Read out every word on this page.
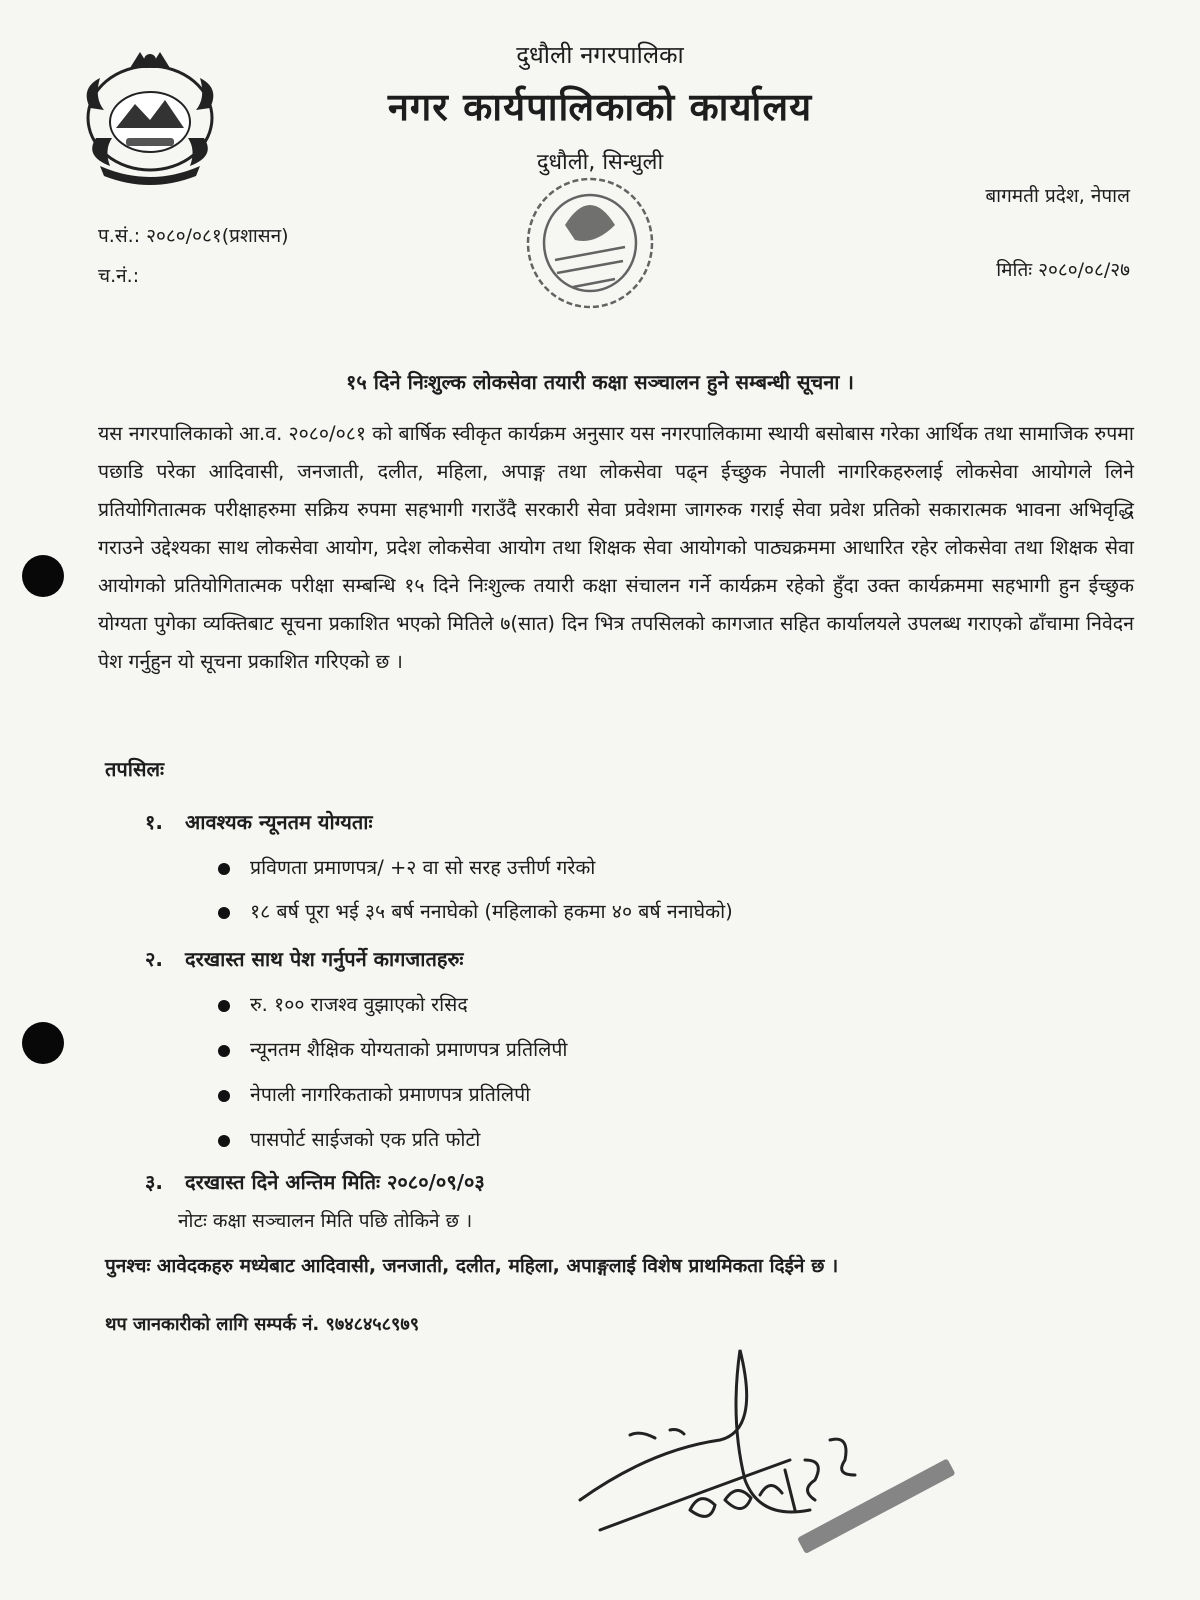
दुधौली नगरपालिका
नगर कार्यपालिकाको कार्यालय
दुधौली, सिन्धुली
बागमती प्रदेश, नेपाल
प.सं.: २०८०/०८१(प्रशासन)
च.नं.:	मितिः २०८०/०८/२७
१५ दिने निःशुल्क लोकसेवा तयारी कक्षा सञ्चालन हुने सम्बन्धी सूचना ।
यस नगरपालिकाको आ.व. २०८०/०८१ को बार्षिक स्वीकृत कार्यक्रम अनुसार यस नगरपालिकामा स्थायी बसोबास गरेका आर्थिक तथा सामाजिक रुपमा पछाडि परेका आदिवासी, जनजाती, दलीत, महिला, अपाङ्ग तथा लोकसेवा पढ्न ईच्छुक नेपाली नागरिकहरुलाई लोकसेवा आयोगले लिने प्रतियोगितात्मक परीक्षाहरुमा सक्रिय रुपमा सहभागी गराउँदै सरकारी सेवा प्रवेशमा जागरुक गराई सेवा प्रवेश प्रतिको सकारात्मक भावना अभिवृद्धि गराउने उद्देश्यका साथ लोकसेवा आयोग, प्रदेश लोकसेवा आयोग तथा शिक्षक सेवा आयोगको पाठ्यक्रममा आधारित रहेर लोकसेवा तथा शिक्षक सेवा आयोगको प्रतियोगितात्मक परीक्षा सम्बन्धि १५ दिने निःशुल्क तयारी कक्षा संचालन गर्ने कार्यक्रम रहेको हुँदा उक्त कार्यक्रममा सहभागी हुन ईच्छुक योग्यता पुगेका व्यक्तिबाट सूचना प्रकाशित भएको मितिले ७(सात) दिन भित्र तपसिलको कागजात सहित कार्यालयले उपलब्ध गराएको ढाँचामा निवेदन पेश गर्नुहुन यो सूचना प्रकाशित गरिएको छ ।
तपसिलः
१. आवश्यक न्यूनतम योग्यताः
प्रविणता प्रमाणपत्र/ +२ वा सो सरह उत्तीर्ण गरेको
१८ बर्ष पूरा भई ३५ बर्ष ननाघेको (महिलाको हकमा ४० बर्ष ननाघेको)
२. दरखास्त साथ पेश गर्नुपर्ने कागजातहरुः
रु. १०० राजश्व वुझाएको रसिद
न्यूनतम शैक्षिक योग्यताको प्रमाणपत्र प्रतिलिपी
नेपाली नागरिकताको प्रमाणपत्र प्रतिलिपी
पासपोर्ट साईजको एक प्रति फोटो
३. दरखास्त दिने अन्तिम मितिः २०८०/०९/०३
नोटः कक्षा सञ्चालन मिति पछि तोकिने छ ।
पुनश्चः आवेदकहरु मध्येबाट आदिवासी, जनजाती, दलीत, महिला, अपाङ्गलाई विशेष प्राथमिकता दिईने छ ।
थप जानकारीको लागि सम्पर्क नं. ९७४८४५८९७९
